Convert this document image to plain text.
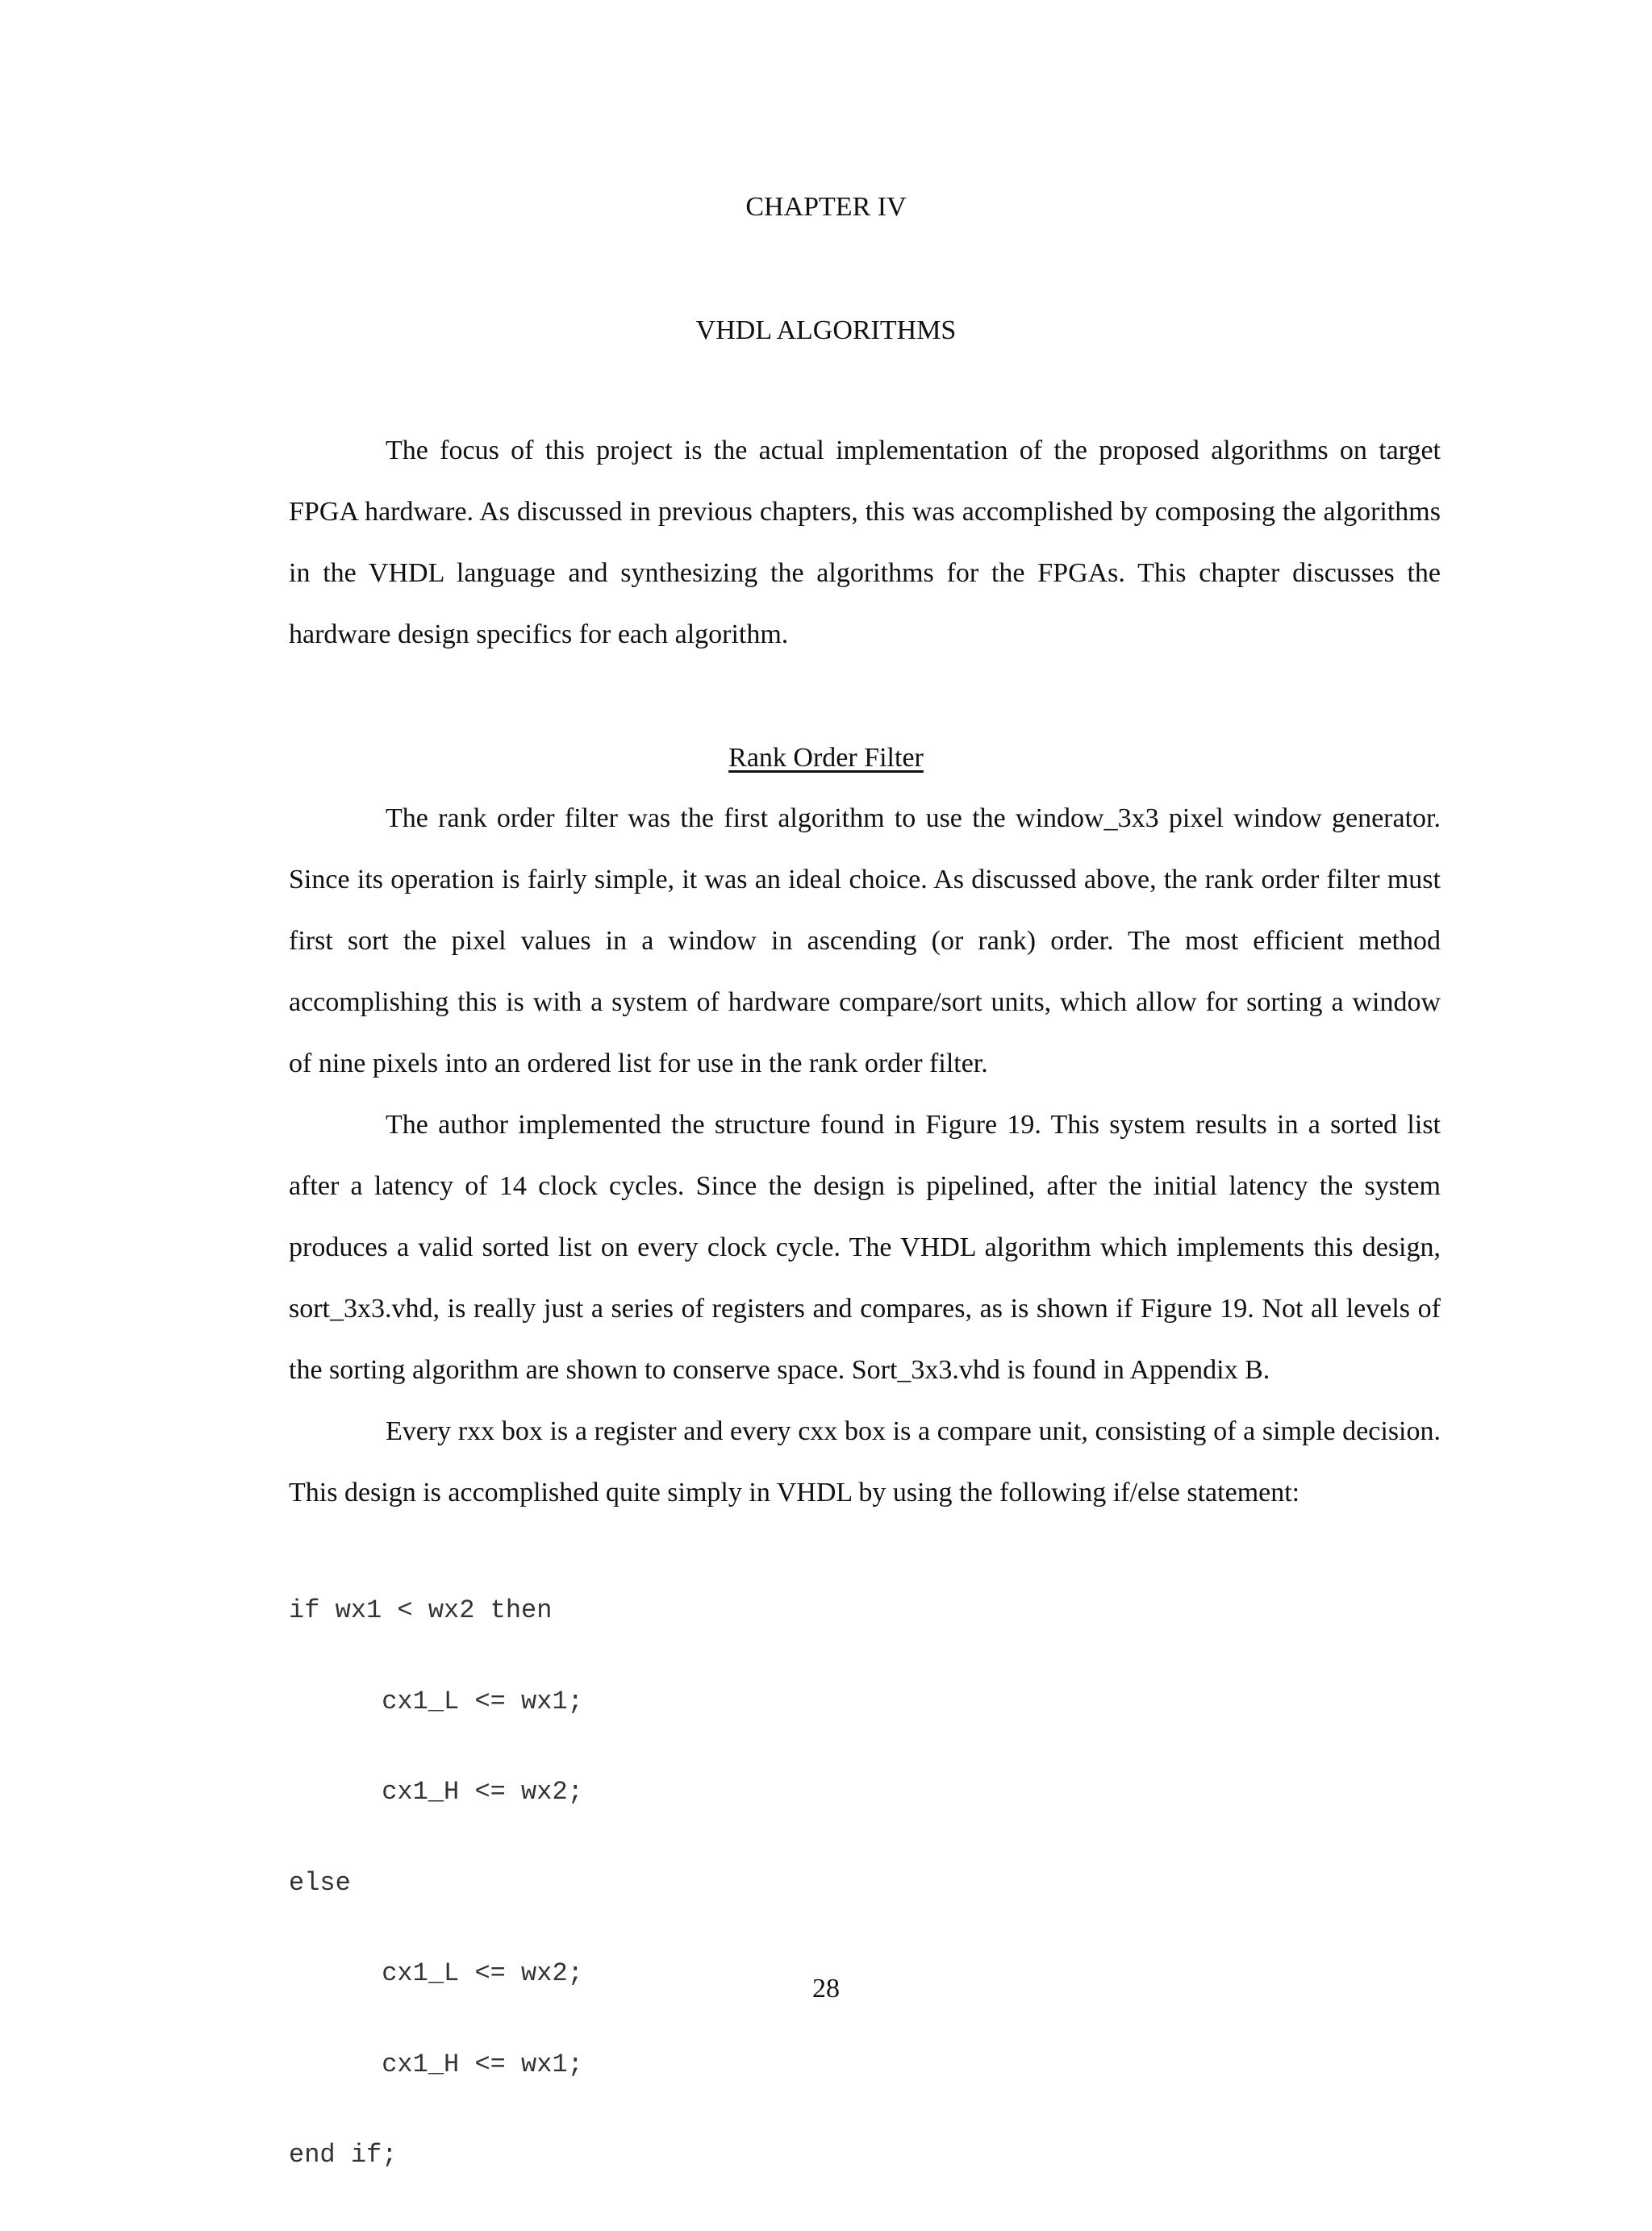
CHAPTER IV
VHDL ALGORITHMS

The focus of this project is the actual implementation of the proposed algorithms on target FPGA hardware. As discussed in previous chapters, this was accomplished by composing the algorithms in the VHDL language and synthesizing the algorithms for the FPGAs. This chapter discusses the hardware design specifics for each algorithm.

Rank Order Filter

The rank order filter was the first algorithm to use the window_3x3 pixel window generator. Since its operation is fairly simple, it was an ideal choice. As discussed above, the rank order filter must first sort the pixel values in a window in ascending (or rank) order. The most efficient method accomplishing this is with a system of hardware compare/sort units, which allow for sorting a window of nine pixels into an ordered list for use in the rank order filter.

The author implemented the structure found in Figure 19. This system results in a sorted list after a latency of 14 clock cycles. Since the design is pipelined, after the initial latency the system produces a valid sorted list on every clock cycle. The VHDL algorithm which implements this design, sort_3x3.vhd, is really just a series of registers and compares, as is shown if Figure 19. Not all levels of the sorting algorithm are shown to conserve space. Sort_3x3.vhd is found in Appendix B.

Every rxx box is a register and every cxx box is a compare unit, consisting of a simple decision. This design is accomplished quite simply in VHDL by using the following if/else statement:

if wx1 < wx2 then

cx1_L <= wx1;

cx1_H <= wx2;

else

cx1_L <= wx2;

cx1_H <= wx1;

end if;

28
